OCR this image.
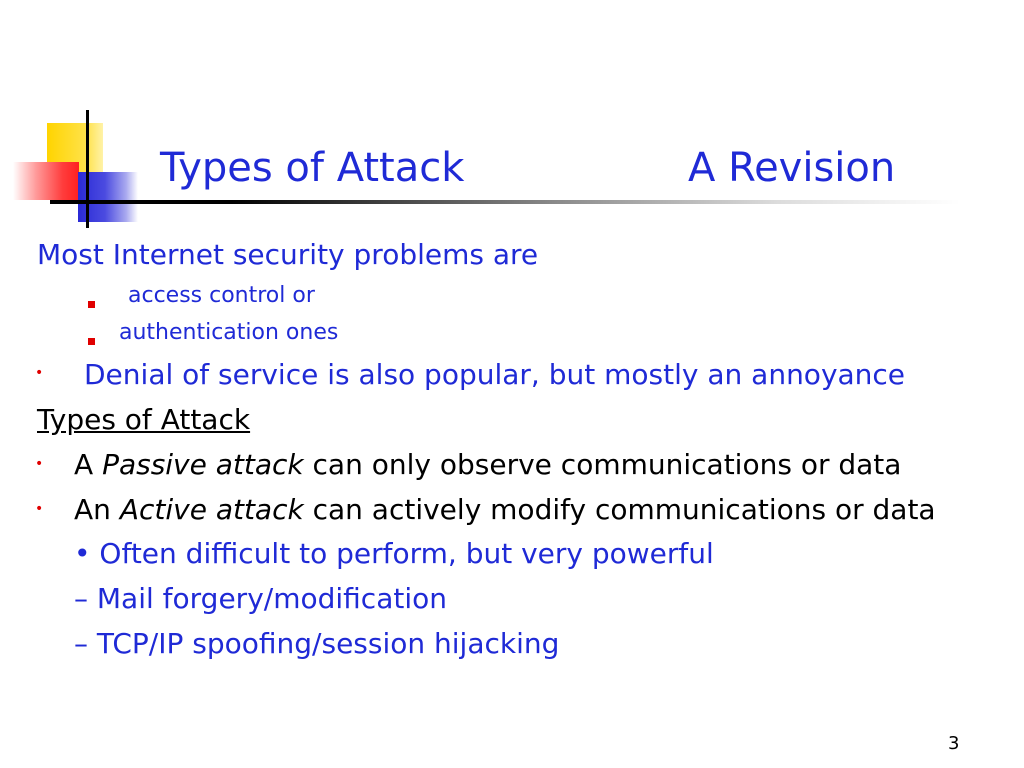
Types of Attack	A Revision
Most Internet security problems are
access control or
authentication ones
• Denial of service is also popular, but mostly an annoyance
Types of Attack
• A Passive attack can only observe communications or data
• An Active attack can actively modify communications or data
• Often difficult to perform, but very powerful
– Mail forgery/modification
– TCP/IP spoofing/session hijacking
3
